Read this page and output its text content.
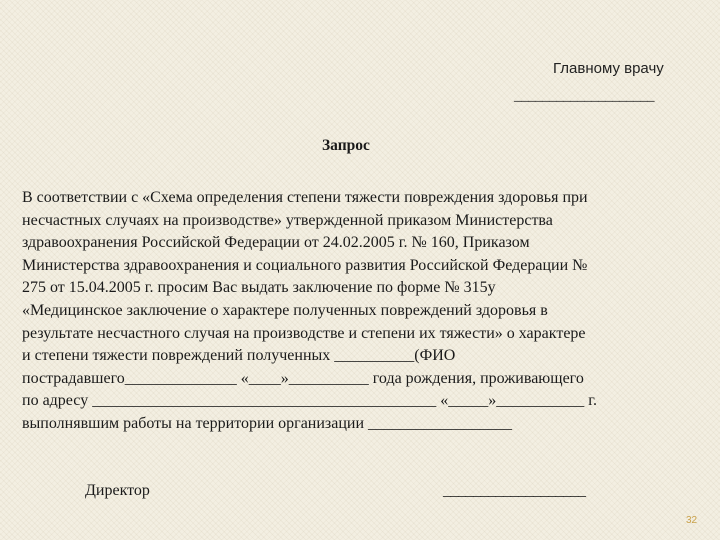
Главному врачу
____________________
Запрос
В соответствии с «Схема определения степени тяжести повреждения здоровья при
несчастных случаях на производстве» утвержденной приказом Министерства
здравоохранения Российской Федерации от 24.02.2005 г. № 160, Приказом
Министерства здравоохранения и социального развития Российской Федерации №
275 от 15.04.2005 г. просим Вас выдать заключение по форме № 315у
«Медицинское заключение о характере полученных повреждений здоровья в
результате несчастного случая на производстве и степени их тяжести» о характере
и степени тяжести повреждений полученных __________(ФИО
пострадавшего______________ «____»__________ года рождения, проживающего
по адресу ___________________________________________ «_____»___________ г.
выполнявшим работы на территории организации __________________
Директор	___________________
32
